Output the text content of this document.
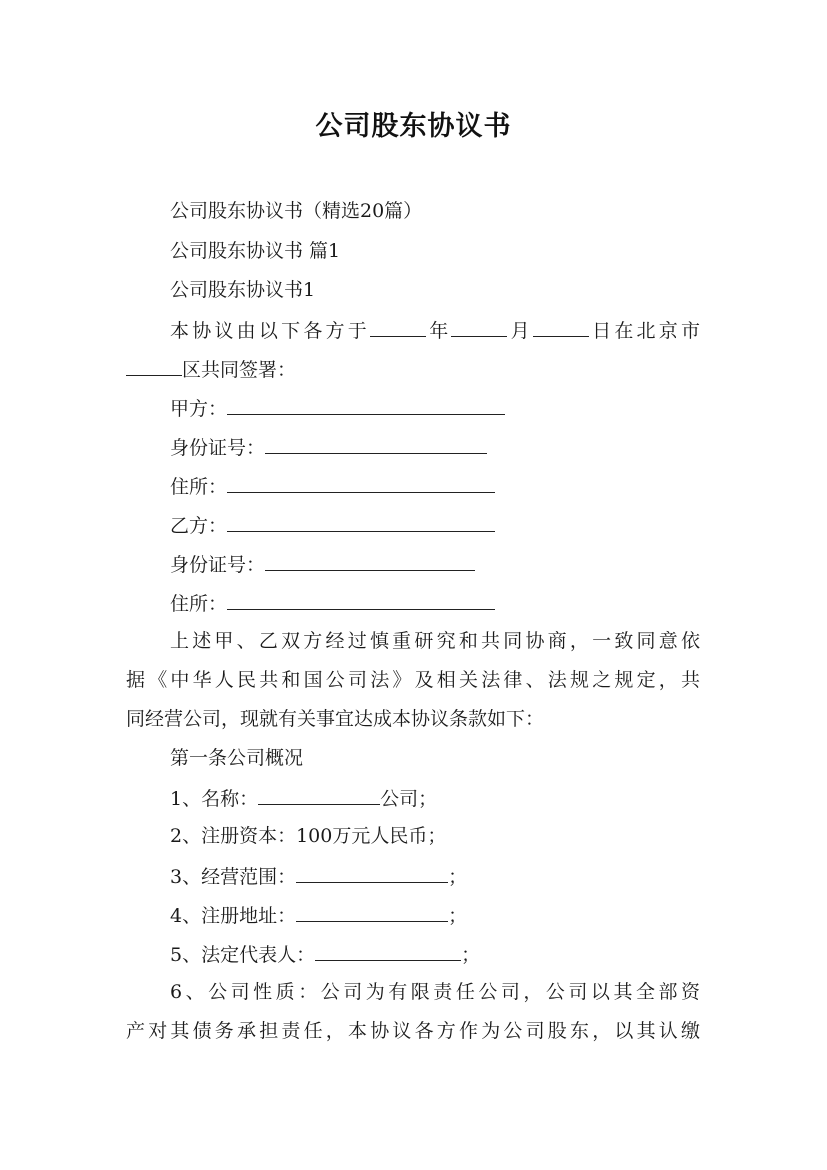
公司股东协议书
公司股东协议书（精选20篇）
公司股东协议书 篇1
公司股东协议书1
本协议由以下各方于	年	月	日在北京市
区共同签署：
甲方：
身份证号：
住所：
乙方：
身份证号：
住所：
上述甲、乙双方经过慎重研究和共同协商，一致同意依
据《中华人民共和国公司法》及相关法律、法规之规定，共
同经营公司，现就有关事宜达成本协议条款如下：
第一条公司概况
1、名称：	公司；
2、注册资本：100万元人民币；
3、经营范围：	；
4、注册地址：	；
5、法定代表人：	；
6、公司性质：公司为有限责任公司，公司以其全部资
产对其债务承担责任，本协议各方作为公司股东，以其认缴
